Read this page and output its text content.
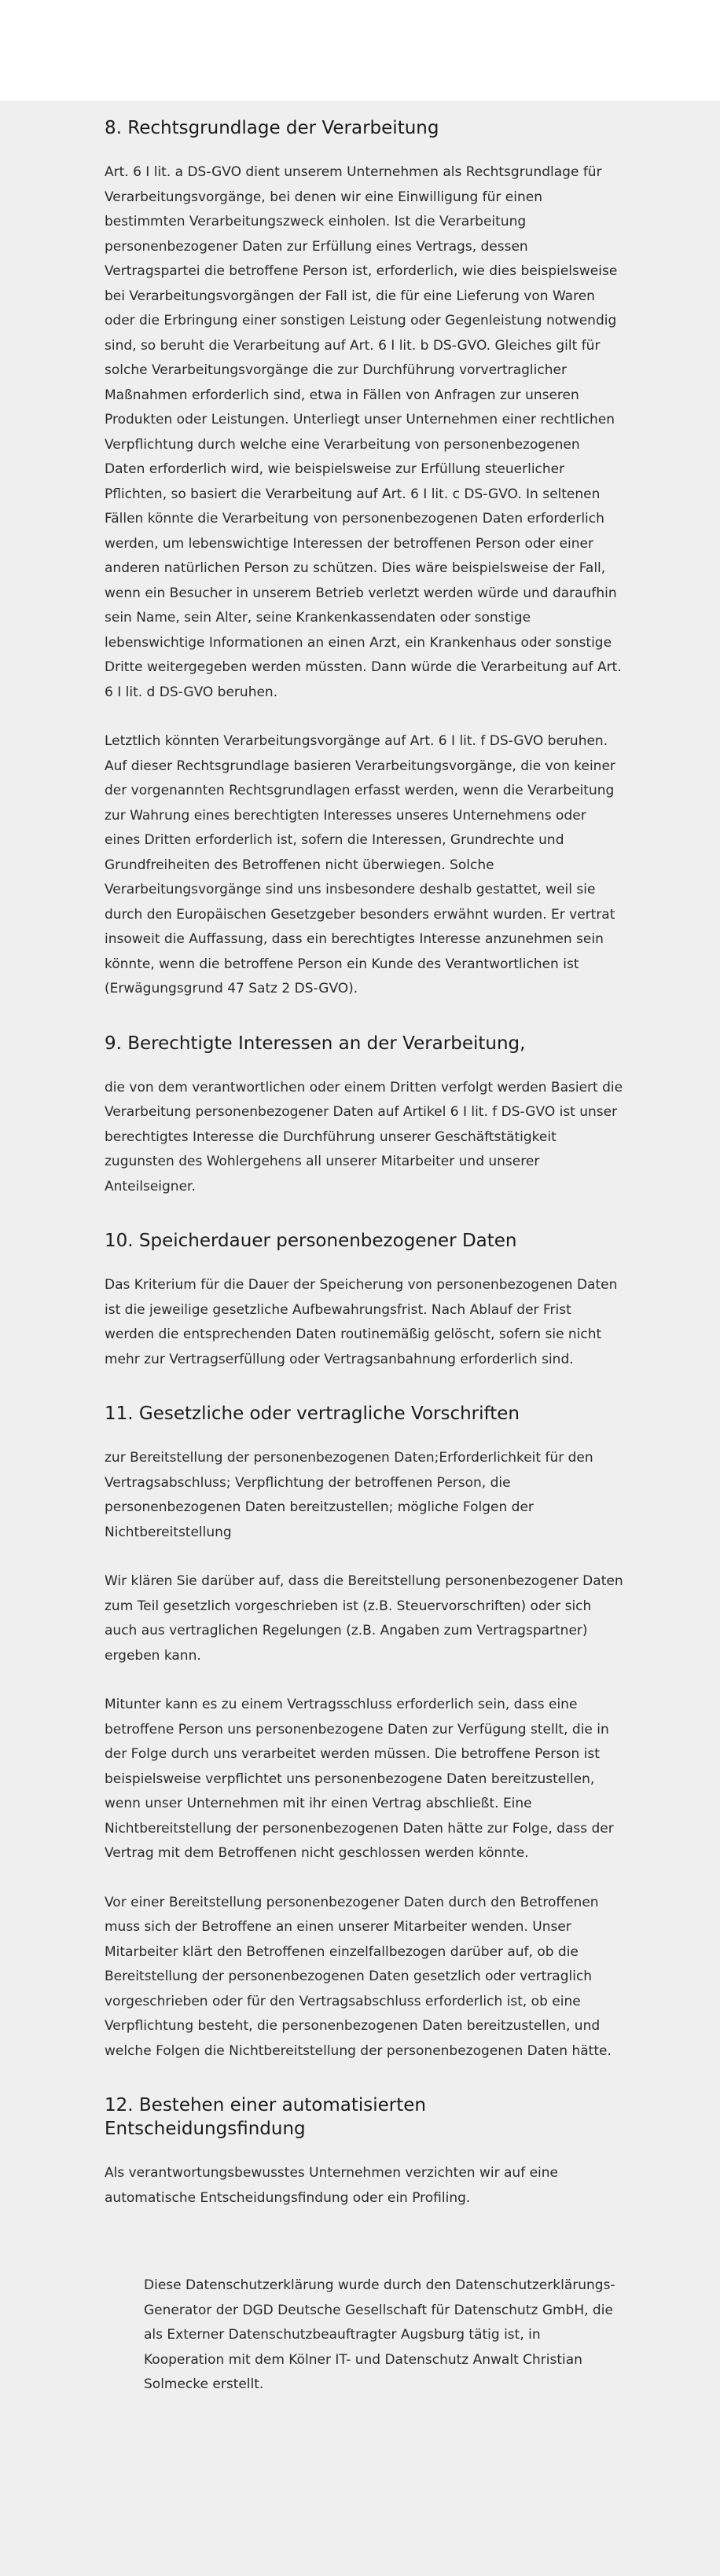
8. Rechtsgrundlage der Verarbeitung

Art. 6 I lit. a DS-GVO dient unserem Unternehmen als Rechtsgrundlage für Verarbeitungsvorgänge, bei denen wir eine Einwilligung für einen bestimmten Verarbeitungszweck einholen. Ist die Verarbeitung personenbezogener Daten zur Erfüllung eines Vertrags, dessen Vertragspartei die betroffene Person ist, erforderlich, wie dies beispielsweise bei Verarbeitungsvorgängen der Fall ist, die für eine Lieferung von Waren oder die Erbringung einer sonstigen Leistung oder Gegenleistung notwendig sind, so beruht die Verarbeitung auf Art. 6 I lit. b DS-GVO. Gleiches gilt für solche Verarbeitungsvorgänge die zur Durchführung vorvertraglicher Maßnahmen erforderlich sind, etwa in Fällen von Anfragen zur unseren Produkten oder Leistungen. Unterliegt unser Unternehmen einer rechtlichen Verpflichtung durch welche eine Verarbeitung von personenbezogenen Daten erforderlich wird, wie beispielsweise zur Erfüllung steuerlicher Pflichten, so basiert die Verarbeitung auf Art. 6 I lit. c DS-GVO. In seltenen Fällen könnte die Verarbeitung von personenbezogenen Daten erforderlich werden, um lebenswichtige Interessen der betroffenen Person oder einer anderen natürlichen Person zu schützen. Dies wäre beispielsweise der Fall, wenn ein Besucher in unserem Betrieb verletzt werden würde und daraufhin sein Name, sein Alter, seine Krankenkassendaten oder sonstige lebenswichtige Informationen an einen Arzt, ein Krankenhaus oder sonstige Dritte weitergegeben werden müssten. Dann würde die Verarbeitung auf Art. 6 I lit. d DS-GVO beruhen.

Letztlich könnten Verarbeitungsvorgänge auf Art. 6 I lit. f DS-GVO beruhen. Auf dieser Rechtsgrundlage basieren Verarbeitungsvorgänge, die von keiner der vorgenannten Rechtsgrundlagen erfasst werden, wenn die Verarbeitung zur Wahrung eines berechtigten Interesses unseres Unternehmens oder eines Dritten erforderlich ist, sofern die Interessen, Grundrechte und Grundfreiheiten des Betroffenen nicht überwiegen. Solche Verarbeitungsvorgänge sind uns insbesondere deshalb gestattet, weil sie durch den Europäischen Gesetzgeber besonders erwähnt wurden. Er vertrat insoweit die Auffassung, dass ein berechtigtes Interesse anzunehmen sein könnte, wenn die betroffene Person ein Kunde des Verantwortlichen ist (Erwägungsgrund 47 Satz 2 DS-GVO).

9. Berechtigte Interessen an der Verarbeitung,

die von dem verantwortlichen oder einem Dritten verfolgt werden Basiert die Verarbeitung personenbezogener Daten auf Artikel 6 I lit. f DS-GVO ist unser berechtigtes Interesse die Durchführung unserer Geschäftstätigkeit zugunsten des Wohlergehens all unserer Mitarbeiter und unserer Anteilseigner.

10. Speicherdauer personenbezogener Daten

Das Kriterium für die Dauer der Speicherung von personenbezogenen Daten ist die jeweilige gesetzliche Aufbewahrungsfrist. Nach Ablauf der Frist werden die entsprechenden Daten routinemäßig gelöscht, sofern sie nicht mehr zur Vertragserfüllung oder Vertragsanbahnung erforderlich sind.

11. Gesetzliche oder vertragliche Vorschriften

zur Bereitstellung der personenbezogenen Daten;Erforderlichkeit für den Vertragsabschluss; Verpflichtung der betroffenen Person, die personenbezogenen Daten bereitzustellen; mögliche Folgen der Nichtbereitstellung

Wir klären Sie darüber auf, dass die Bereitstellung personenbezogener Daten zum Teil gesetzlich vorgeschrieben ist (z.B. Steuervorschriften) oder sich auch aus vertraglichen Regelungen (z.B. Angaben zum Vertragspartner) ergeben kann.

Mitunter kann es zu einem Vertragsschluss erforderlich sein, dass eine betroffene Person uns personenbezogene Daten zur Verfügung stellt, die in der Folge durch uns verarbeitet werden müssen. Die betroffene Person ist beispielsweise verpflichtet uns personenbezogene Daten bereitzustellen, wenn unser Unternehmen mit ihr einen Vertrag abschließt. Eine Nichtbereitstellung der personenbezogenen Daten hätte zur Folge, dass der Vertrag mit dem Betroffenen nicht geschlossen werden könnte.

Vor einer Bereitstellung personenbezogener Daten durch den Betroffenen muss sich der Betroffene an einen unserer Mitarbeiter wenden. Unser Mitarbeiter klärt den Betroffenen einzelfallbezogen darüber auf, ob die Bereitstellung der personenbezogenen Daten gesetzlich oder vertraglich vorgeschrieben oder für den Vertragsabschluss erforderlich ist, ob eine Verpflichtung besteht, die personenbezogenen Daten bereitzustellen, und welche Folgen die Nichtbereitstellung der personenbezogenen Daten hätte.

12. Bestehen einer automatisierten Entscheidungsfindung

Als verantwortungsbewusstes Unternehmen verzichten wir auf eine automatische Entscheidungsfindung oder ein Profiling.

Diese Datenschutzerklärung wurde durch den Datenschutzerklärungs-Generator der DGD Deutsche Gesellschaft für Datenschutz GmbH, die als Externer Datenschutzbeauftragter Augsburg tätig ist, in Kooperation mit dem Kölner IT- und Datenschutz Anwalt Christian Solmecke erstellt.
